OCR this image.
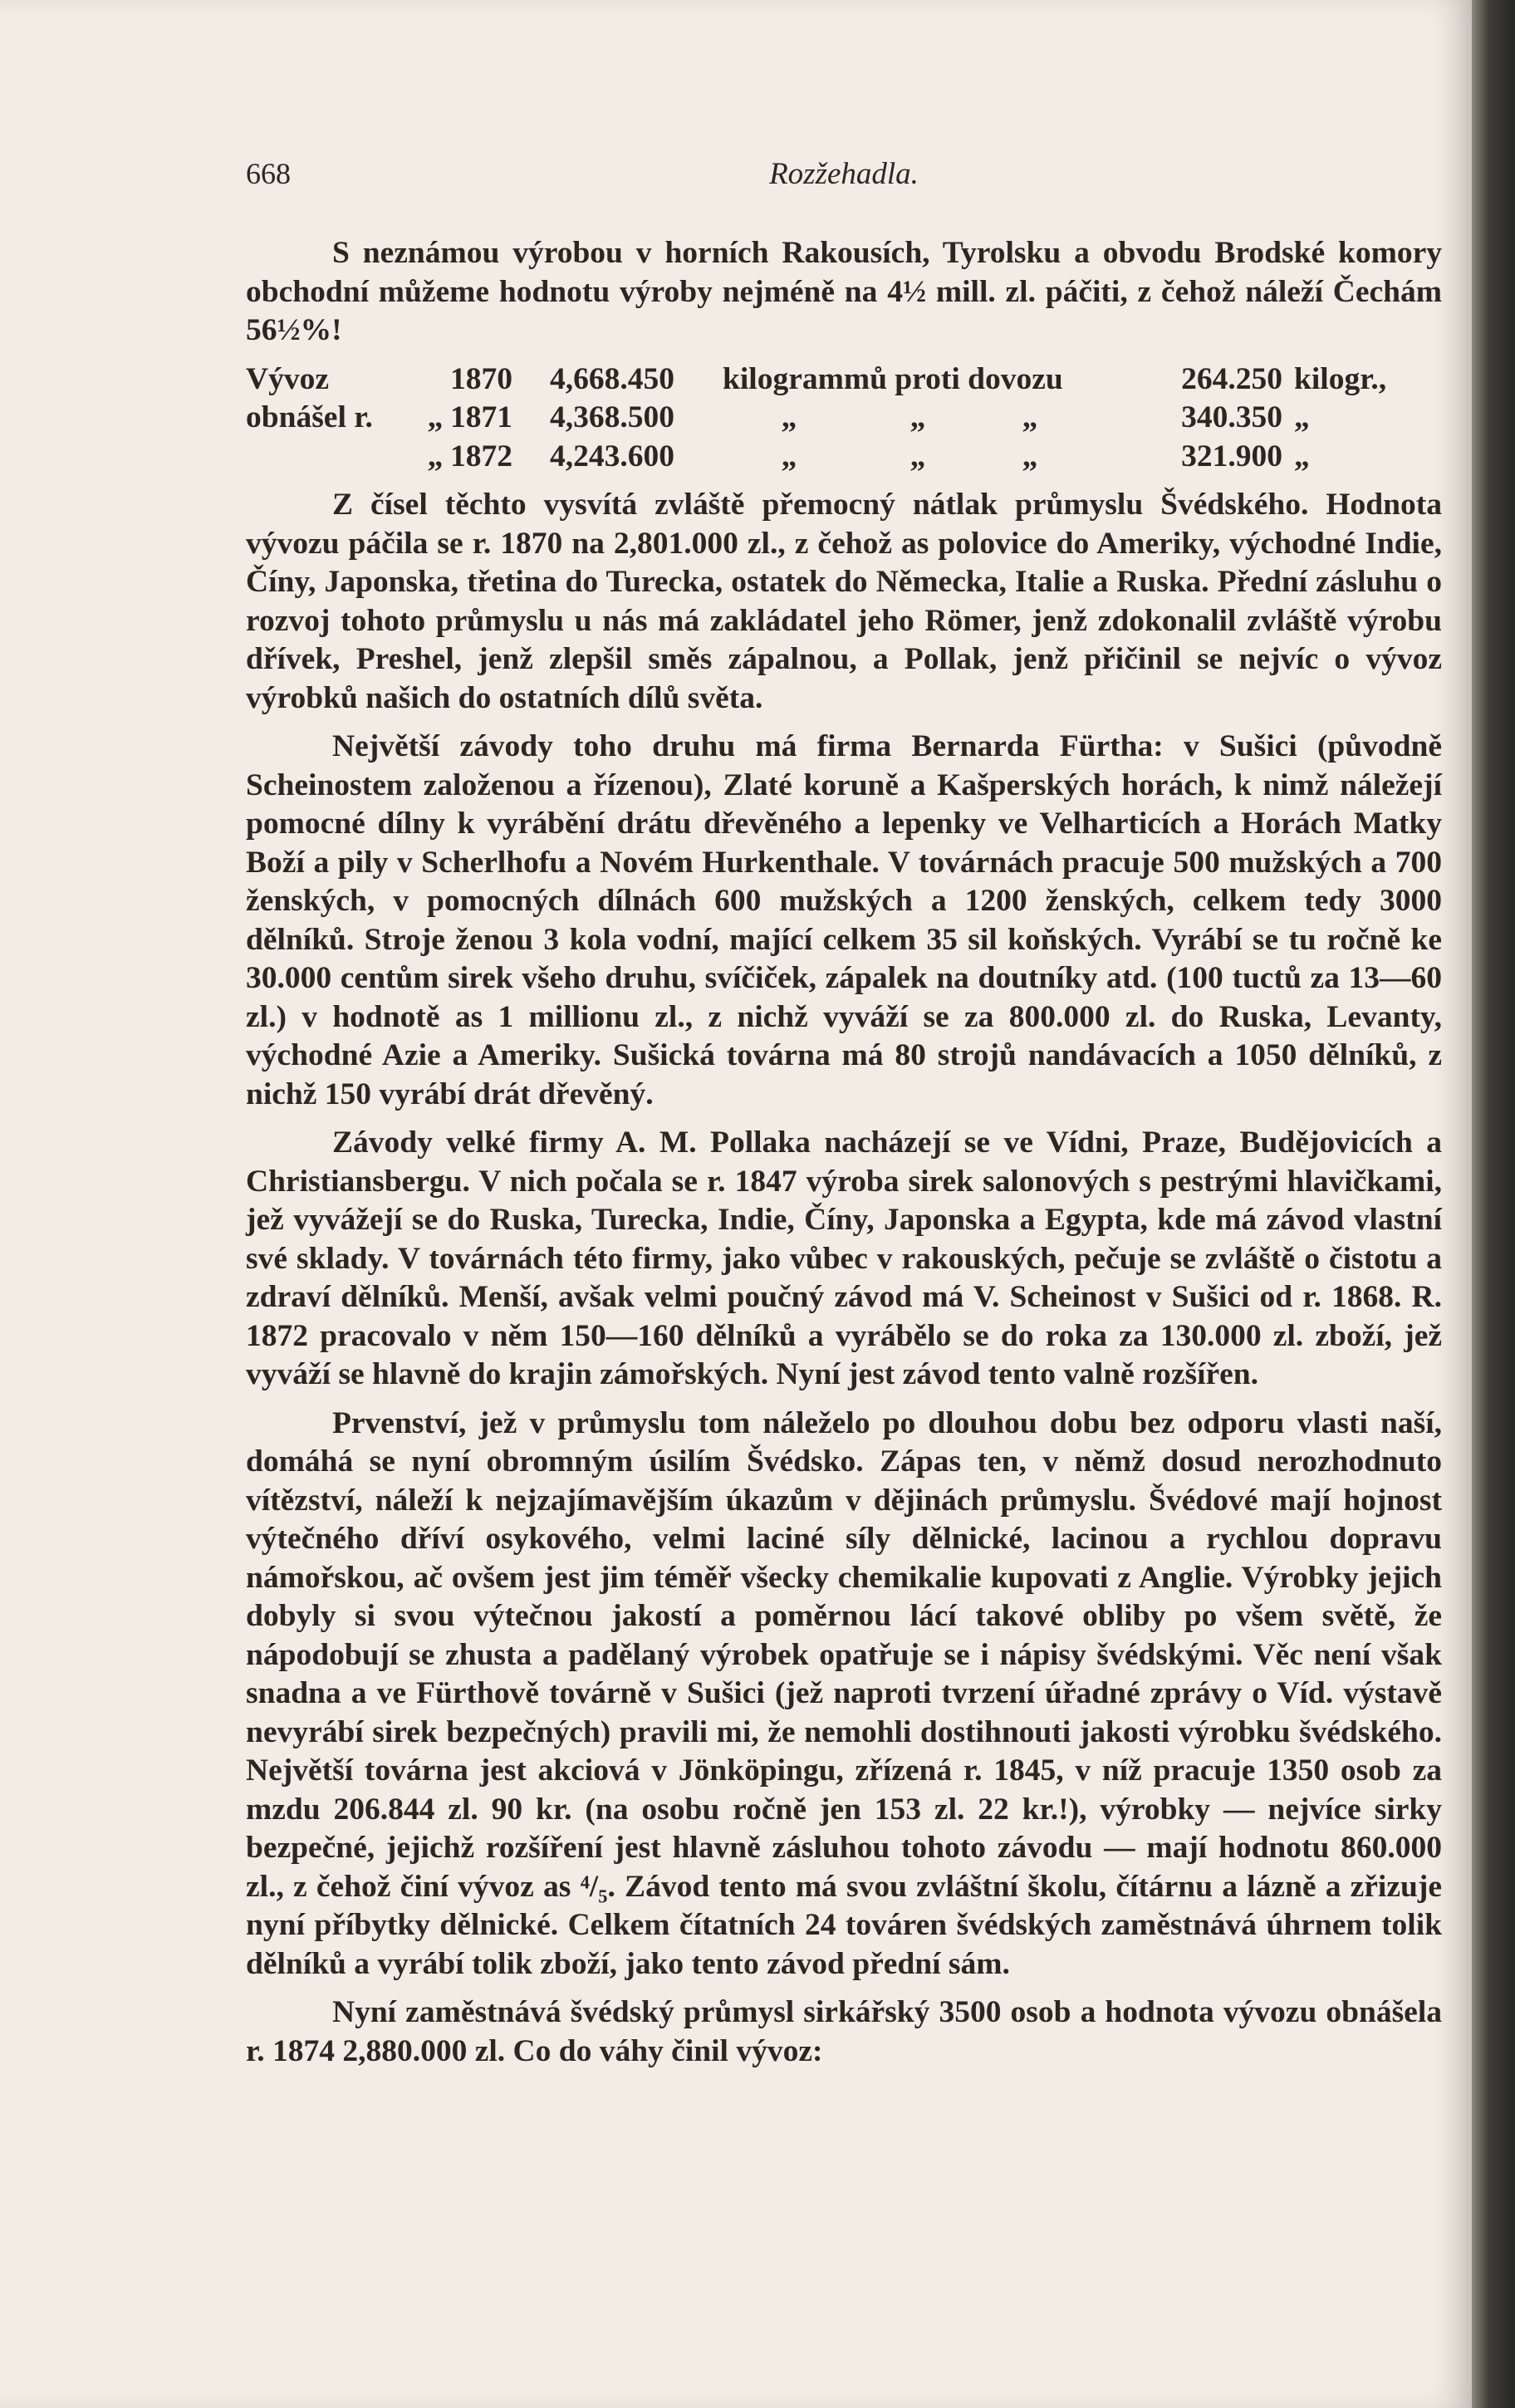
668	Rozžehadla.

S neznámou výrobou v horních Rakousích, Tyrolsku a obvodu Brodské komory obchodní můžeme hodnotu výroby nejméně na 4½ mill. zl. páčiti, z čehož náleží Čechám 56½%!

Vývoz obnášel r.
1870	4,668.450	kilogrammů proti dovozu	264.250 kilogr.,
„ 1871	4,368.500	„	„	„	340.350 „
„ 1872	4,243.600	„	„	„	321.900 „

Z čísel těchto vysvítá zvláště přemocný nátlak průmyslu Švédského. Hodnota vývozu páčila se r. 1870 na 2,801.000 zl., z čehož as polovice do Ameriky, východné Indie, Číny, Japonska, třetina do Turecka, ostatek do Německa, Italie a Ruska. Přední zásluhu o rozvoj tohoto průmyslu u nás má zakládatel jeho Römer, jenž zdokonalil zvláště výrobu dřívek, Preshel, jenž zlepšil směs zápalnou, a Pollak, jenž přičinil se nejvíc o vývoz výrobků našich do ostatních dílů světa.

Největší závody toho druhu má firma Bernarda Fürtha: v Sušici (původně Scheinostem založenou a řízenou), Zlaté koruně a Kašperských horách, k nimž náležejí pomocné dílny k vyrábění drátu dřevěného a lepenky ve Velharticích a Horách Matky Boží a pily v Scherlhofu a Novém Hurkenthale. V továrnách pracuje 500 mužských a 700 ženských, v pomocných dílnách 600 mužských a 1200 ženských, celkem tedy 3000 dělníků. Stroje ženou 3 kola vodní, mající celkem 35 sil koňských. Vyrábí se tu ročně ke 30.000 centům sirek všeho druhu, svíčiček, zápalek na doutníky atd. (100 tuctů za 13—60 zl.) v hodnotě as 1 millionu zl., z nichž vyváží se za 800.000 zl. do Ruska, Levanty, východné Azie a Ameriky. Sušická továrna má 80 strojů nandávacích a 1050 dělníků, z nichž 150 vyrábí drát dřevěný.

Závody velké firmy A. M. Pollaka nacházejí se ve Vídni, Praze, Budějovicích a Christiansbergu. V nich počala se r. 1847 výroba sirek salonových s pestrými hlavičkami, jež vyvážejí se do Ruska, Turecka, Indie, Číny, Japonska a Egypta, kde má závod vlastní své sklady. V továrnách této firmy, jako vůbec v rakouských, pečuje se zvláště o čistotu a zdraví dělníků. Menší, avšak velmi poučný závod má V. Scheinost v Sušici od r. 1868. R. 1872 pracovalo v něm 150—160 dělníků a vyrábělo se do roka za 130.000 zl. zboží, jež vyváží se hlavně do krajin zámořských. Nyní jest závod tento valně rozšířen.

Prvenství, jež v průmyslu tom náleželo po dlouhou dobu bez odporu vlasti naší, domáhá se nyní obromným úsilím Švédsko. Zápas ten, v němž dosud nerozhodnuto vítězství, náleží k nejzajímavějším úkazům v dějinách průmyslu. Švédové mají hojnost výtečného dříví osykového, velmi laciné síly dělnické, lacinou a rychlou dopravu námořskou, ač ovšem jest jim téměř všecky chemikalie kupovati z Anglie. Výrobky jejich dobyly si svou výtečnou jakostí a poměrnou lácí takové obliby po všem světě, že nápodobují se zhusta a padělaný výrobek opatřuje se i nápisy švédskými. Věc není však snadna a ve Fürthově továrně v Sušici (jež naproti tvrzení úřadné zprávy o Víd. výstavě nevyrábí sirek bezpečných) pravili mi, že nemohli dostihnouti jakosti výrobku švédského. Největší továrna jest akciová v Jönköpingu, zřízená r. 1845, v níž pracuje 1350 osob za mzdu 206.844 zl. 90 kr. (na osobu ročně jen 153 zl. 22 kr.!), výrobky — nejvíce sirky bezpečné, jejichž rozšíření jest hlavně zásluhou tohoto závodu — mají hodnotu 860.000 zl., z čehož činí vývoz as ⁴/₅. Závod tento má svou zvláštní školu, čítárnu a lázně a zřizuje nyní příbytky dělnické. Celkem čítatních 24 továren švédských zaměstnává úhrnem tolik dělníků a vyrábí tolik zboží, jako tento závod přední sám.

Nyní zaměstnává švédský průmysl sirkářský 3500 osob a hodnota vývozu obnášela r. 1874 2,880.000 zl. Co do váhy činil vývoz:
